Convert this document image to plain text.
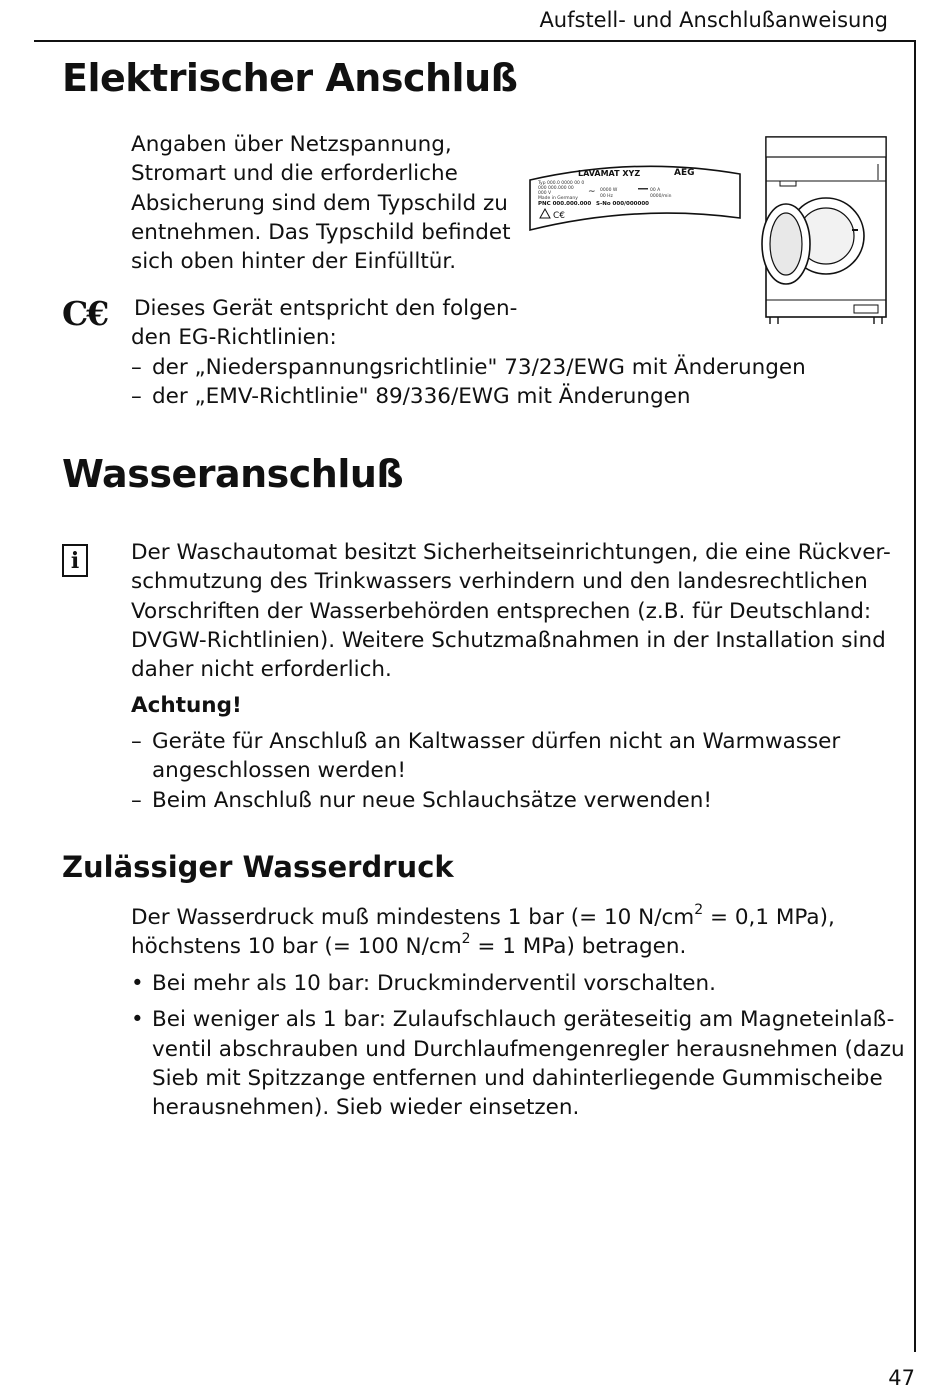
Aufstell- und Anschlußanweisung
Elektrischer Anschluß
Angaben über Netzspannung,
Stromart und die erforderliche
Absicherung sind dem Typschild zu
entnehmen. Das Typschild befindet
sich oben hinter der Einfülltür.
LAVAMAT XYZ	AEG
Typ 000.0 0000 00 0
000 000.000 00
000 V
Made in Germany
~ 0000 W
00 Hz
00 A
0000/min
PNC 000.000.000 S-No 000/000000
C€
C€ Dieses Gerät entspricht den folgen-
den EG-Richtlinien:
– der „Niederspannungsrichtlinie" 73/23/EWG mit Änderungen
– der „EMV-Richtlinie" 89/336/EWG mit Änderungen
Wasseranschluß
i	Der Waschautomat besitzt Sicherheitseinrichtungen, die eine Rückver-
schmutzung des Trinkwassers verhindern und den landesrechtlichen
Vorschriften der Wasserbehörden entsprechen (z.B. für Deutschland:
DVGW-Richtlinien). Weitere Schutzmaßnahmen in der Installation sind
daher nicht erforderlich.
Achtung!
– Geräte für Anschluß an Kaltwasser dürfen nicht an Warmwasser
angeschlossen werden!
– Beim Anschluß nur neue Schlauchsätze verwenden!
Zulässiger Wasserdruck
Der Wasserdruck muß mindestens 1 bar (= 10 $N/cm^2 = 0,1$ MPa),
höchstens 10 bar (= 100 $N/cm^2 = 1$ MPa) betragen.
• Bei mehr als 10 bar: Druckminderventil vorschalten.
• Bei weniger als 1 bar: Zulaufschlauch geräteseitig am Magneteinlaß-
ventil abschrauben und Durchlaufmengenregler herausnehmen (dazu
Sieb mit Spitzzange entfernen und dahinterliegende Gummischeibe
herausnehmen). Sieb wieder einsetzen.
47
